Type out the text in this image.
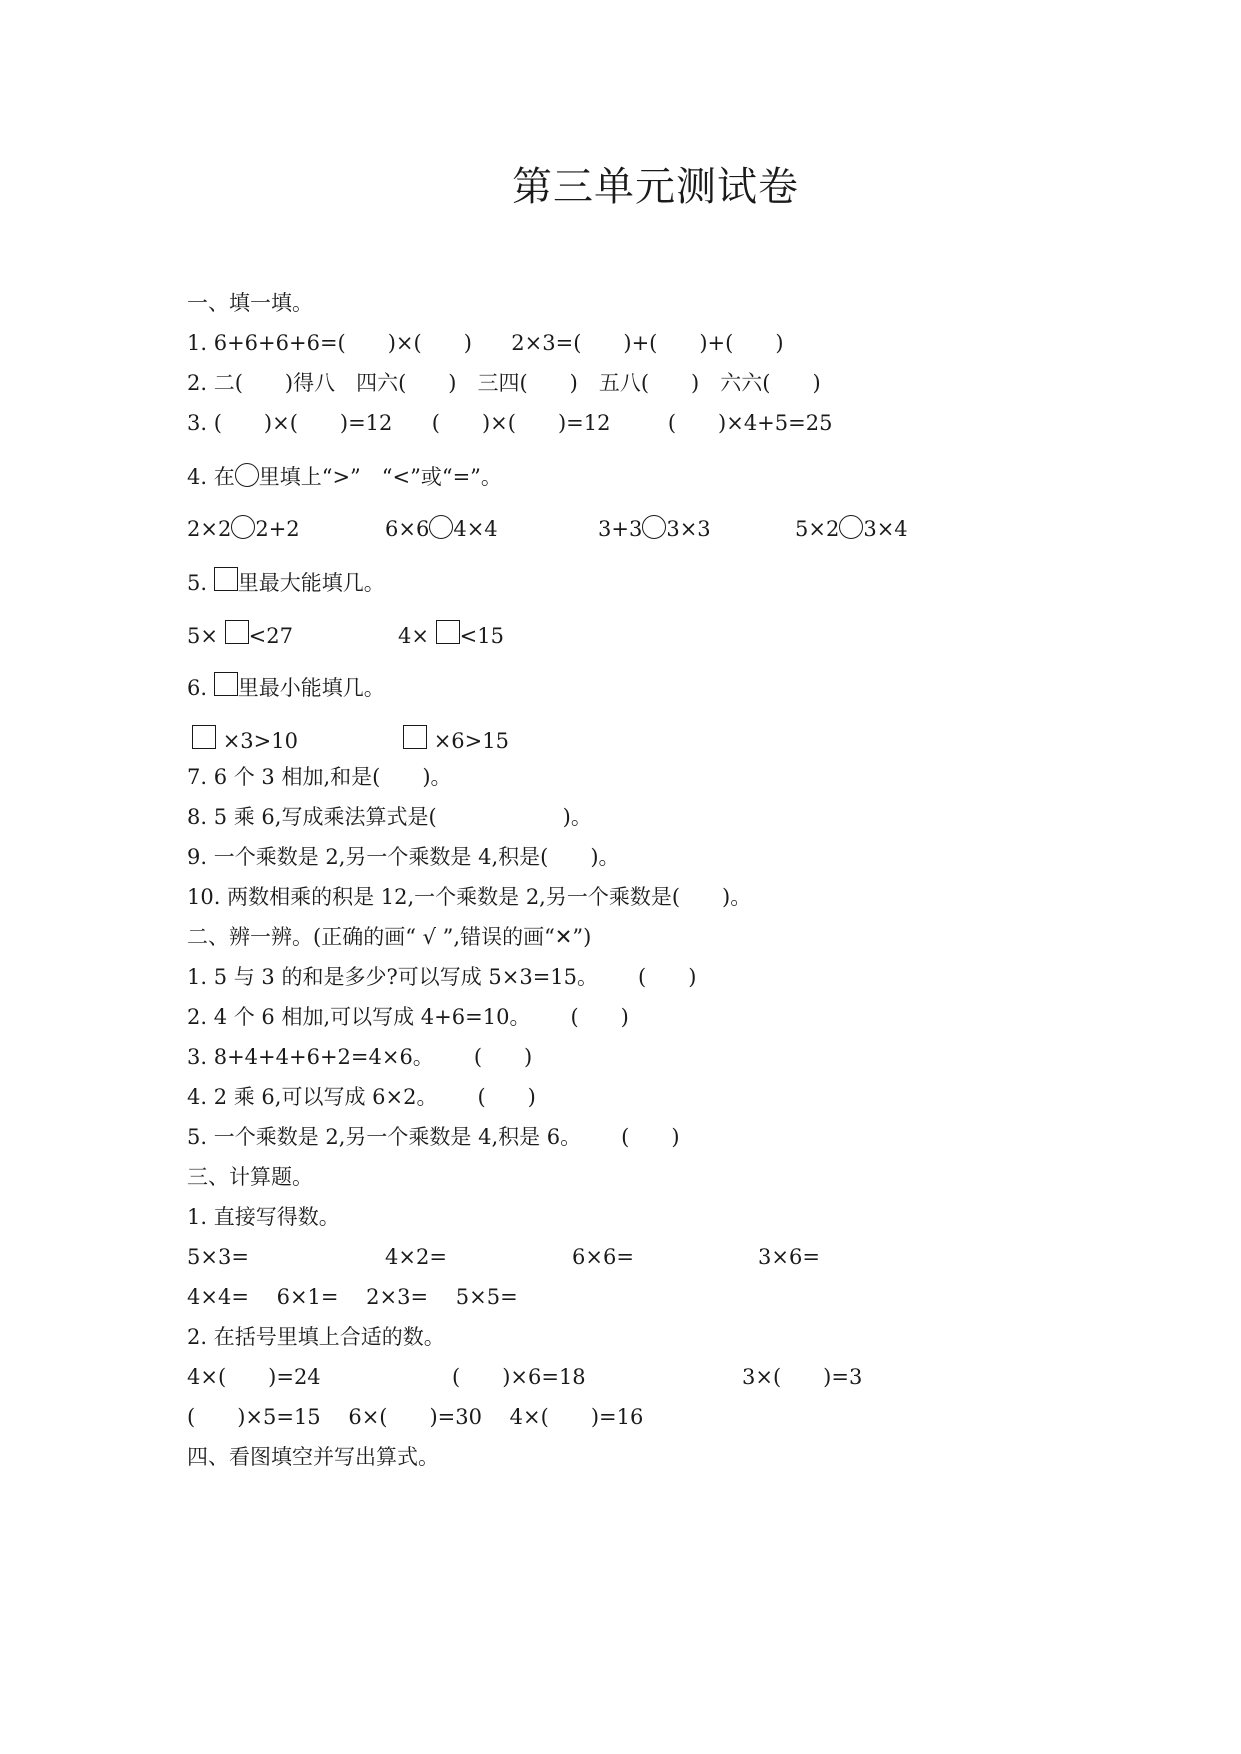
第三单元测试卷
一、填一填。
1. 6+6+6+6=(　　)×(　　) 2×3=(　　)+(　　)+(　　)
2. 二(　　)得八　四六(　　)　三四(　　)　五八(　　)　六六(　　)
3. (　　)×(　　)=12 (　　)×(　　)=12	(　　)×4+5=25
4. 在 里填上“>”　“<”或“=”。
2×2 2+2	6×6 4×4	3+3 3×3	5×2 3×4
5. 里最大能填几。
5× <27	4× <15
6. 里最小能填几。
×3>10	×6>15
7. 6 个 3 相加,和是(　　)。
8. 5 乘 6,写成乘法算式是(　　　　　　)。
9. 一个乘数是 2,另一个乘数是 4,积是(　　)。
10. 两数相乘的积是 12,一个乘数是 2,另一个乘数是(　　)。
二、辨一辨。(正确的画“ √ ”,错误的画“✕”)
1. 5 与 3 的和是多少?可以写成 5×3=15。 (　　)
2. 4 个 6 相加,可以写成 4+6=10。 (　　)
3. 8+4+4+6+2=4×6。 (　　)
4. 2 乘 6,可以写成 6×2。 (　　)
5. 一个乘数是 2,另一个乘数是 4,积是 6。 (　　)
三、计算题。
1. 直接写得数。
5×3=	4×2=	6×6=	3×6=
4×4=　 6×1=　 2×3=　 5×5=
2. 在括号里填上合适的数。
4×(　　)=24	(　　)×6=18	3×(　　)=3
(　　)×5=15　 6×(　　)=30　 4×(　　)=16
四、看图填空并写出算式。
